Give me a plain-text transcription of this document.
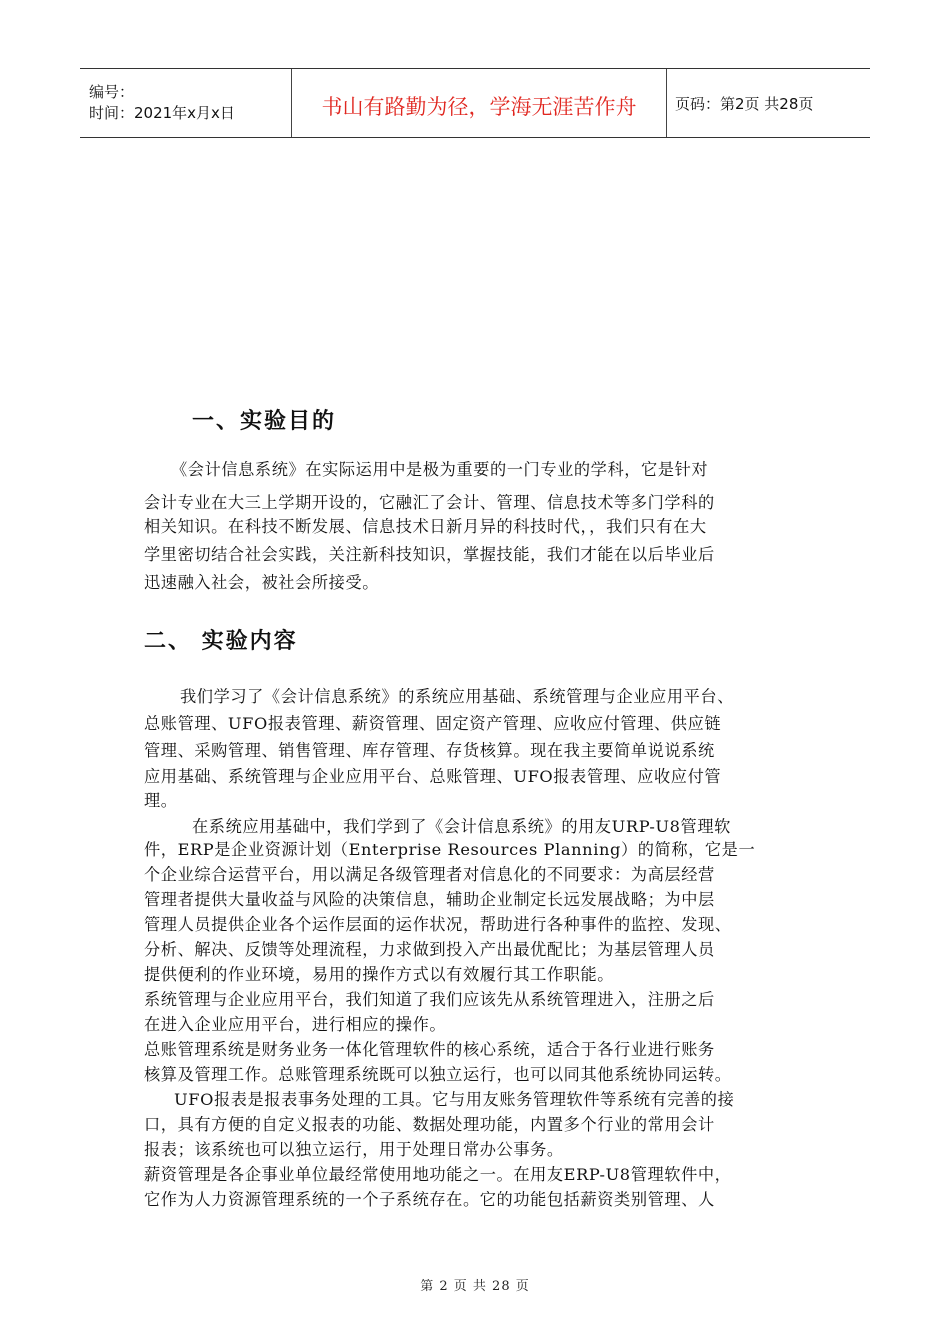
编号：
时间：2021年x月x日	书山有路勤为径，学海无涯苦作舟	页码：第2页 共28页
一、实验目的
《会计信息系统》在实际运用中是极为重要的一门专业的学科，它是针对
会计专业在大三上学期开设的，它融汇了会计、管理、信息技术等多门学科的
相关知识。在科技不断发展、信息技术日新月异的科技时代，，我们只有在大
学里密切结合社会实践，关注新科技知识，掌握技能，我们才能在以后毕业后
迅速融入社会，被社会所接受。
二、 实验内容
我们学习了《会计信息系统》的系统应用基础、系统管理与企业应用平台、
总账管理、UFO报表管理、薪资管理、固定资产管理、应收应付管理、供应链
管理、采购管理、销售管理、库存管理、存货核算。现在我主要简单说说系统
应用基础、系统管理与企业应用平台、总账管理、UFO报表管理、应收应付管
理。
在系统应用基础中，我们学到了《会计信息系统》的用友URP-U8管理软
件，ERP是企业资源计划（Enterprise Resources Planning）的简称，它是一
个企业综合运营平台，用以满足各级管理者对信息化的不同要求：为高层经营
管理者提供大量收益与风险的决策信息，辅助企业制定长远发展战略；为中层
管理人员提供企业各个运作层面的运作状况，帮助进行各种事件的监控、发现、
分析、解决、反馈等处理流程，力求做到投入产出最优配比；为基层管理人员
提供便利的作业环境，易用的操作方式以有效履行其工作职能。
系统管理与企业应用平台，我们知道了我们应该先从系统管理进入，注册之后
在进入企业应用平台，进行相应的操作。
总账管理系统是财务业务一体化管理软件的核心系统，适合于各行业进行账务
核算及管理工作。总账管理系统既可以独立运行，也可以同其他系统协同运转。
UFO报表是报表事务处理的工具。它与用友账务管理软件等系统有完善的接
口，具有方便的自定义报表的功能、数据处理功能，内置多个行业的常用会计
报表；该系统也可以独立运行，用于处理日常办公事务。
薪资管理是各企事业单位最经常使用地功能之一。在用友ERP-U8管理软件中，
它作为人力资源管理系统的一个子系统存在。它的功能包括薪资类别管理、人
第 2 页 共 28 页
